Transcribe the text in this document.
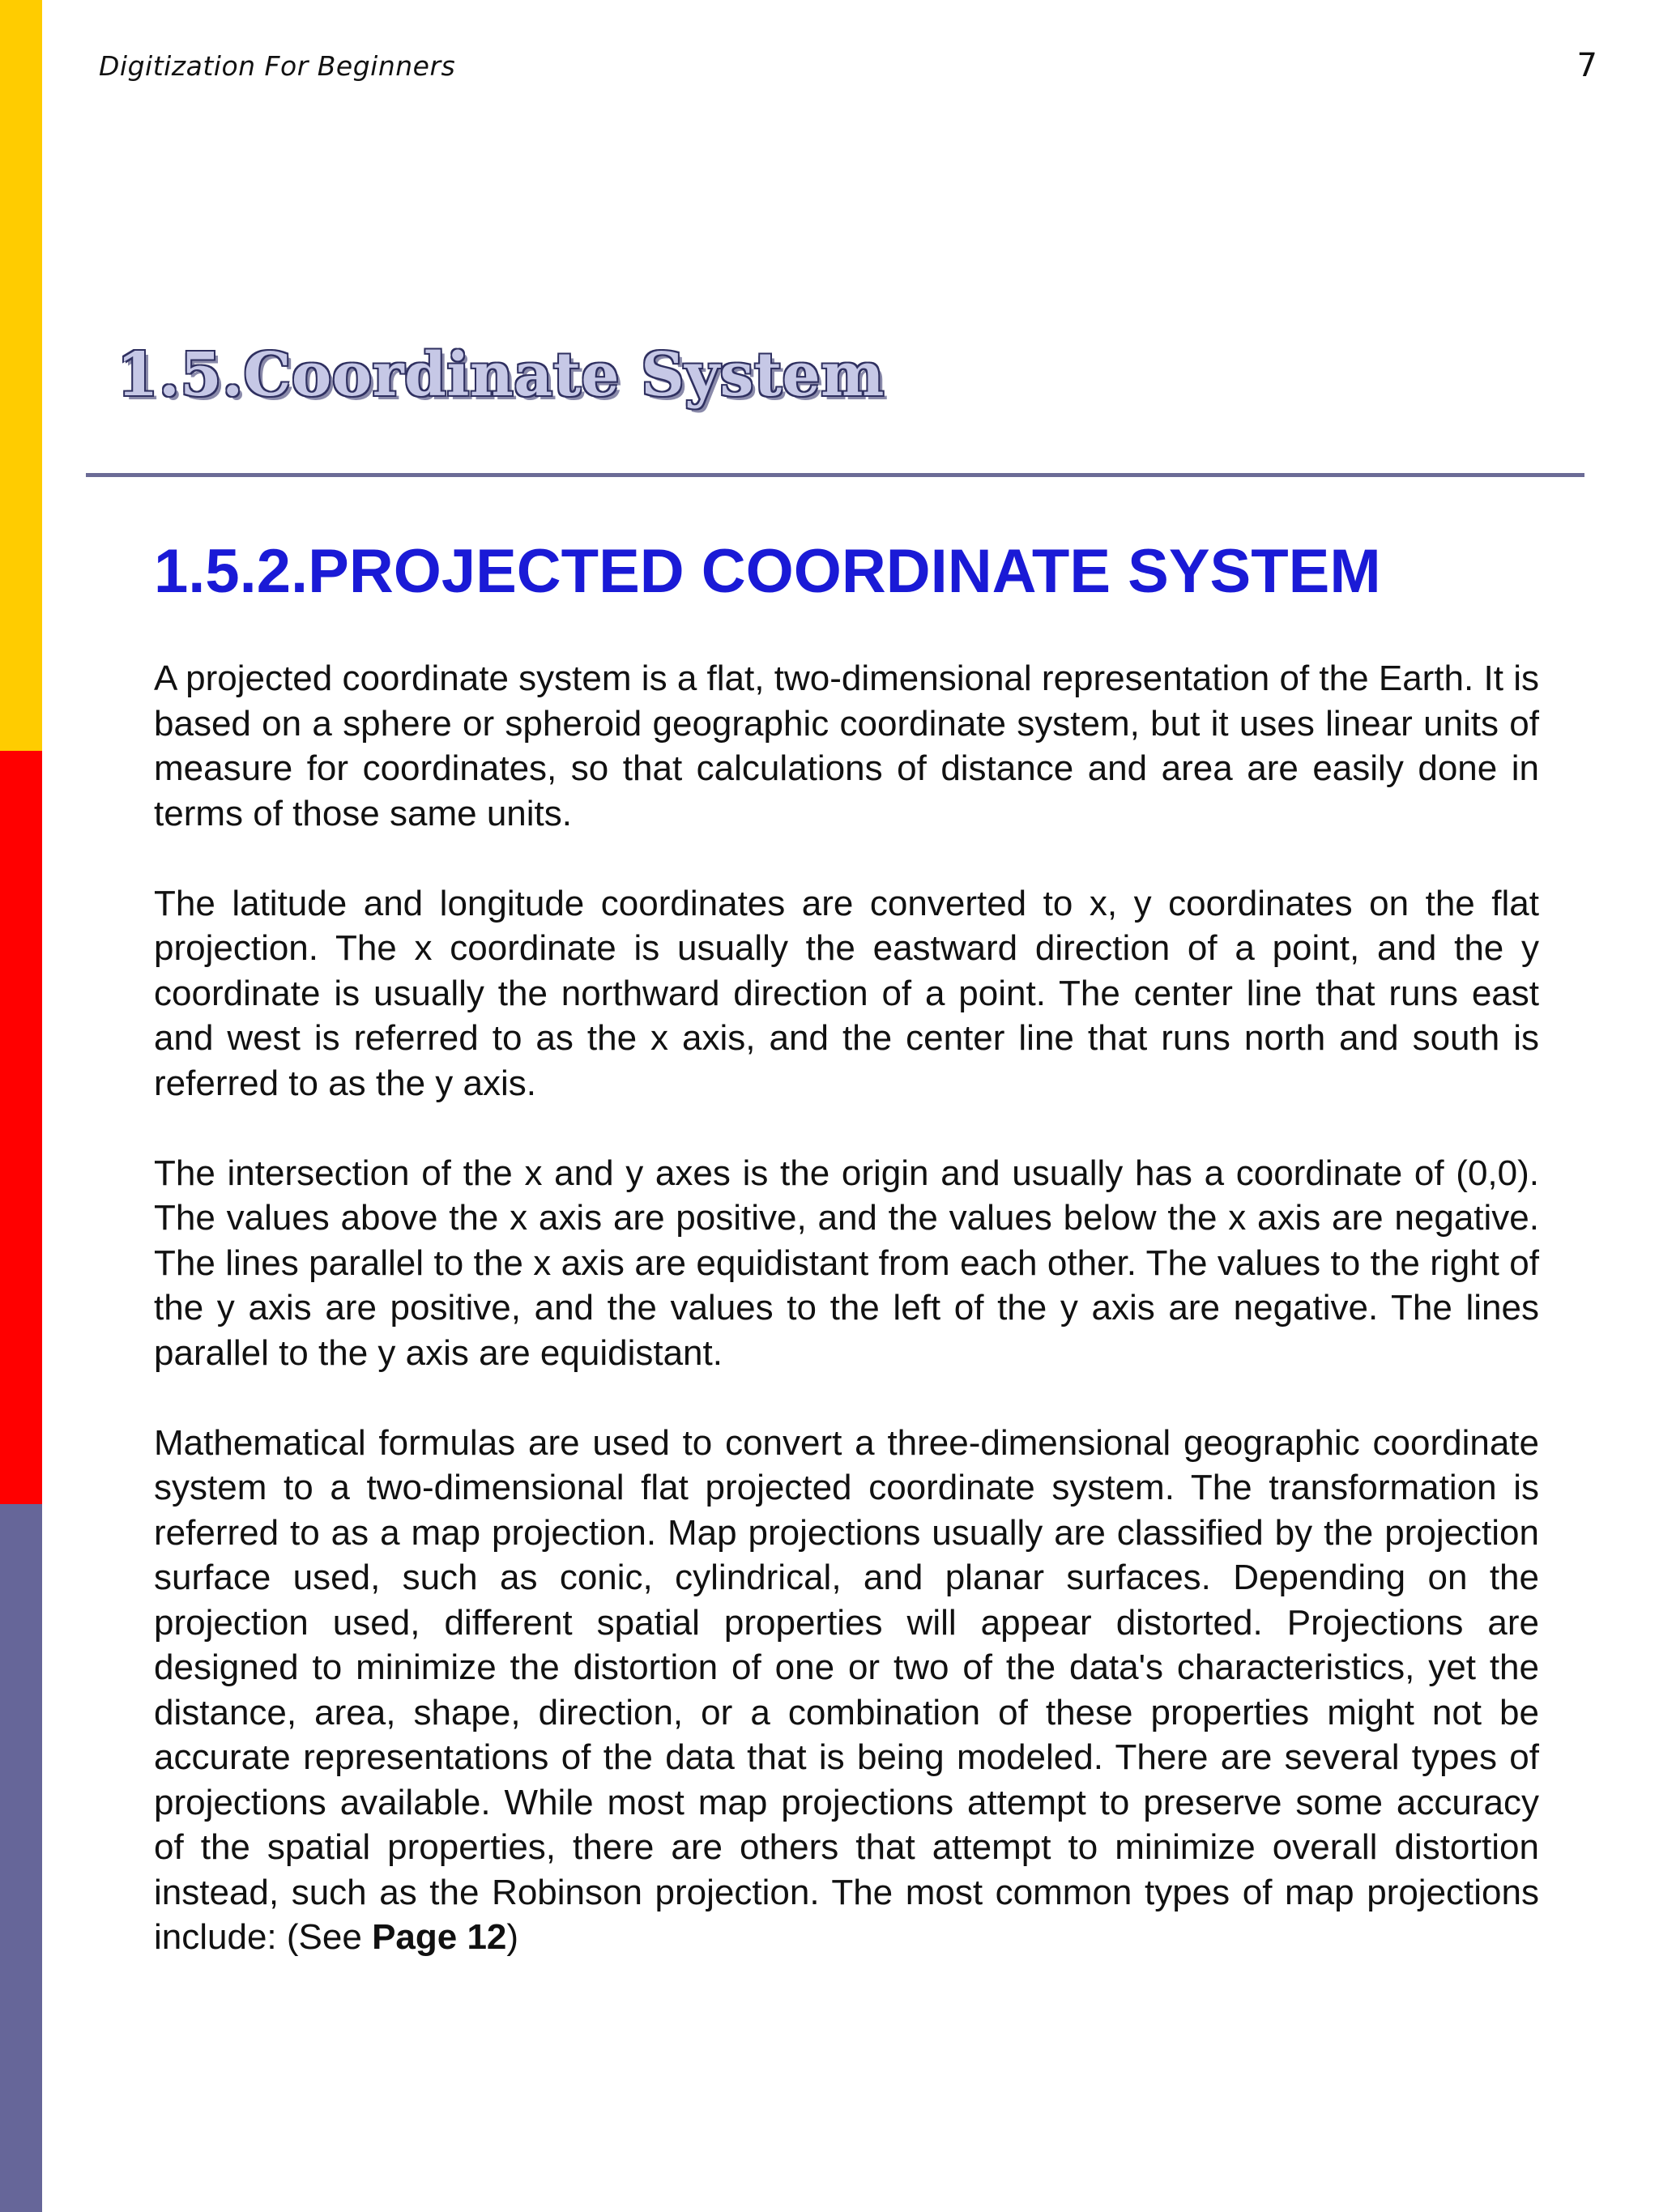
Digitization For Beginners	7
1.5.Coordinate System
1.5.2.PROJECTED COORDINATE SYSTEM

A projected coordinate system is a flat, two-dimensional representation of the Earth. It is based on a sphere or spheroid geographic coordinate system, but it uses linear units of measure for coordinates, so that calculations of distance and area are easily done in terms of those same units.

The latitude and longitude coordinates are converted to x, y coordinates on the flat projection. The x coordinate is usually the eastward direction of a point, and the y coordinate is usually the northward direction of a point. The center line that runs east and west is referred to as the x axis, and the center line that runs north and south is referred to as the y axis.

The intersection of the x and y axes is the origin and usually has a coordinate of (0,0). The values above the x axis are positive, and the values below the x axis are negative. The lines parallel to the x axis are equidistant from each other. The values to the right of the y axis are positive, and the values to the left of the y axis are negative. The lines parallel to the y axis are equidistant.

Mathematical formulas are used to convert a three-dimensional geographic coordinate system to a two-dimensional flat projected coordinate system. The transformation is referred to as a map projection. Map projections usually are classified by the projection surface used, such as conic, cylindrical, and planar surfaces. Depending on the projection used, different spatial properties will appear distorted. Projections are designed to minimize the distortion of one or two of the data's characteristics, yet the distance, area, shape, direction, or a combination of these properties might not be accurate representations of the data that is being modeled. There are several types of projections available. While most map projections attempt to preserve some accuracy of the spatial properties, there are others that attempt to minimize overall distortion instead, such as the Robinson projection. The most common types of map projections include: (See Page 12)
